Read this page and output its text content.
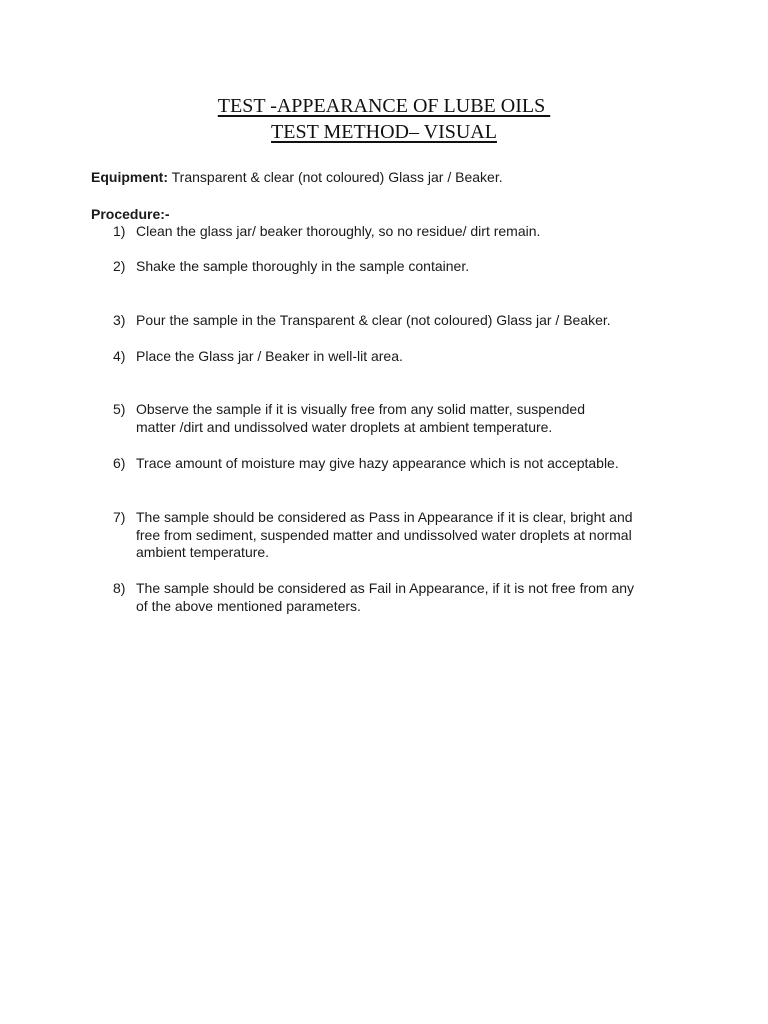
TEST -APPEARANCE OF LUBE OILS
TEST METHOD– VISUAL
Equipment: Transparent & clear (not coloured) Glass jar / Beaker.
Procedure:-
1) Clean the glass jar/ beaker thoroughly, so no residue/ dirt remain.
2) Shake the sample thoroughly in the sample container.
3) Pour the sample in the Transparent & clear (not coloured) Glass jar / Beaker.
4) Place the Glass jar / Beaker in well-lit area.
5) Observe the sample if it is visually free from any solid matter, suspended
matter /dirt and undissolved water droplets at ambient temperature.
6) Trace amount of moisture may give hazy appearance which is not acceptable.
7) The sample should be considered as Pass in Appearance if it is clear, bright and
free from sediment, suspended matter and undissolved water droplets at normal
ambient temperature.
8) The sample should be considered as Fail in Appearance, if it is not free from any
of the above mentioned parameters.
